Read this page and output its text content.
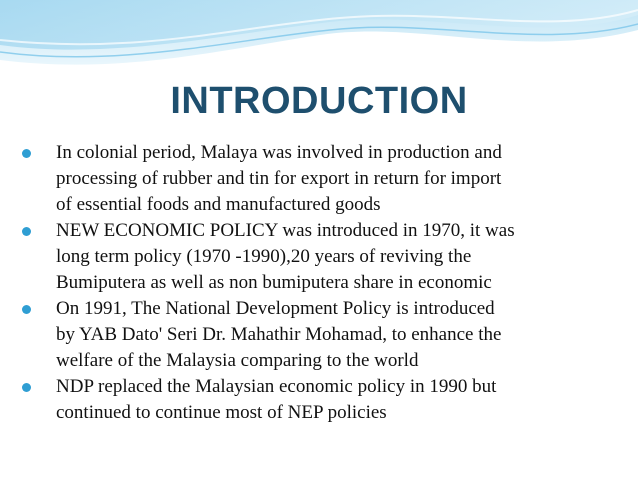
INTRODUCTION
In colonial period, Malaya was involved in production and
processing of rubber and tin for export in return for import
of essential foods and manufactured goods
NEW ECONOMIC POLICY was introduced in 1970, it was
long term policy (1970 -1990),20 years of reviving the
Bumiputera as well as non bumiputera share in economic
On 1991, The National Development Policy is introduced
by YAB Dato' Seri Dr. Mahathir Mohamad, to enhance the
welfare of the Malaysia comparing to the world
NDP replaced the Malaysian economic policy in 1990 but
continued to continue most of NEP policies
